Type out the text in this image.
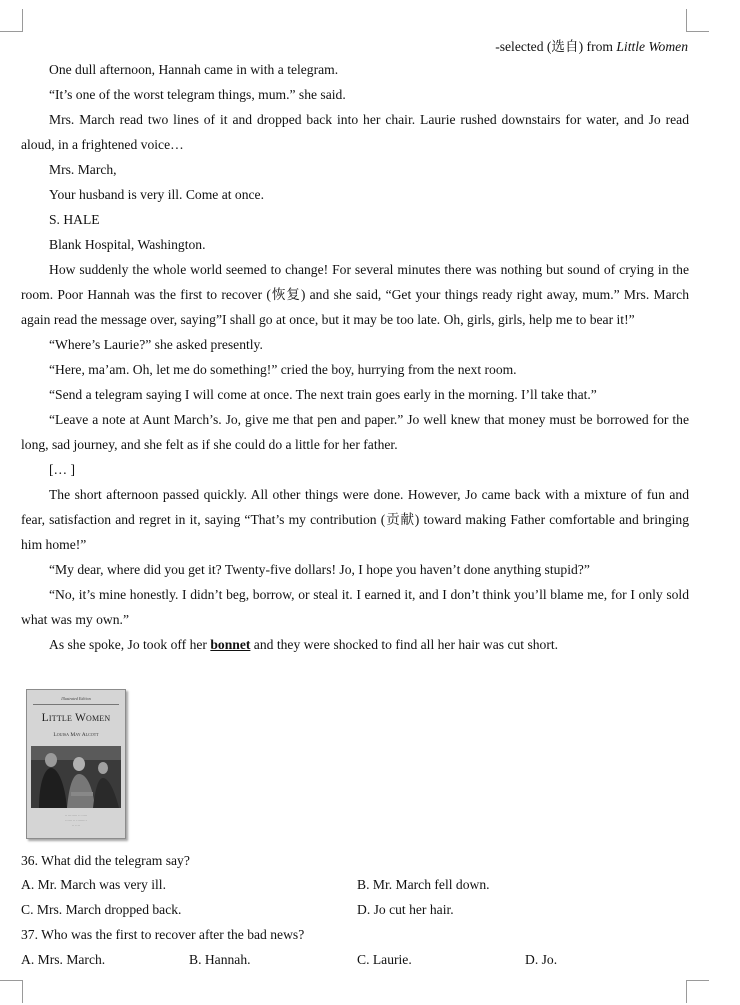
-selected (选自) from Little Women

One dull afternoon, Hannah came in with a telegram.

“It’s one of the worst telegram things, mum.” she said.

Mrs. March read two lines of it and dropped back into her chair. Laurie rushed downstairs for water, and Jo read aloud, in a frightened voice…

Mrs. March,

Your husband is very ill. Come at once.

S. HALE

Blank Hospital, Washington.

How suddenly the whole world seemed to change! For several minutes there was nothing but sound of crying in the room. Poor Hannah was the first to recover (恢复) and she said, “Get your things ready right away, mum.” Mrs. March again read the message over, saying”I shall go at once, but it may be too late. Oh, girls, girls, help me to bear it!”

“Where’s Laurie?” she asked presently.

“Here, ma’am. Oh, let me do something!” cried the boy, hurrying from the next room.

“Send a telegram saying I will come at once. The next train goes early in the morning. I’ll take that.”

“Leave a note at Aunt March’s. Jo, give me that pen and paper.” Jo well knew that money must be borrowed for the long, sad journey, and she felt as if she could do a little for her father.

[… ]

The short afternoon passed quickly. All other things were done. However, Jo came back with a mixture of fun and fear, satisfaction and regret in it, saying “That’s my contribution (贡献) toward making Father comfortable and bringing him home!”

“My dear, where did you get it? Twenty-five dollars! Jo, I hope you haven’t done anything stupid?”

“No, it’s mine honestly. I didn’t beg, borrow, or steal it. I earned it, and I don’t think you’ll blame me, for I only sold what was my own.”

As she spoke, Jo took off her bonnet and they were shocked to find all her hair was cut short.

Illustrated Edition
Little Women
Louisa May Alcott
·· ········ ·· ·····
······ ·· ·········
·· ····
36. What did the telegram say?
A. Mr. March was very ill.	B. Mr. March fell down.
C. Mrs. March dropped back.	D. Jo cut her hair.
37. Who was the first to recover after the bad news?
A. Mrs. March.	B. Hannah.	C. Laurie.	D. Jo.
